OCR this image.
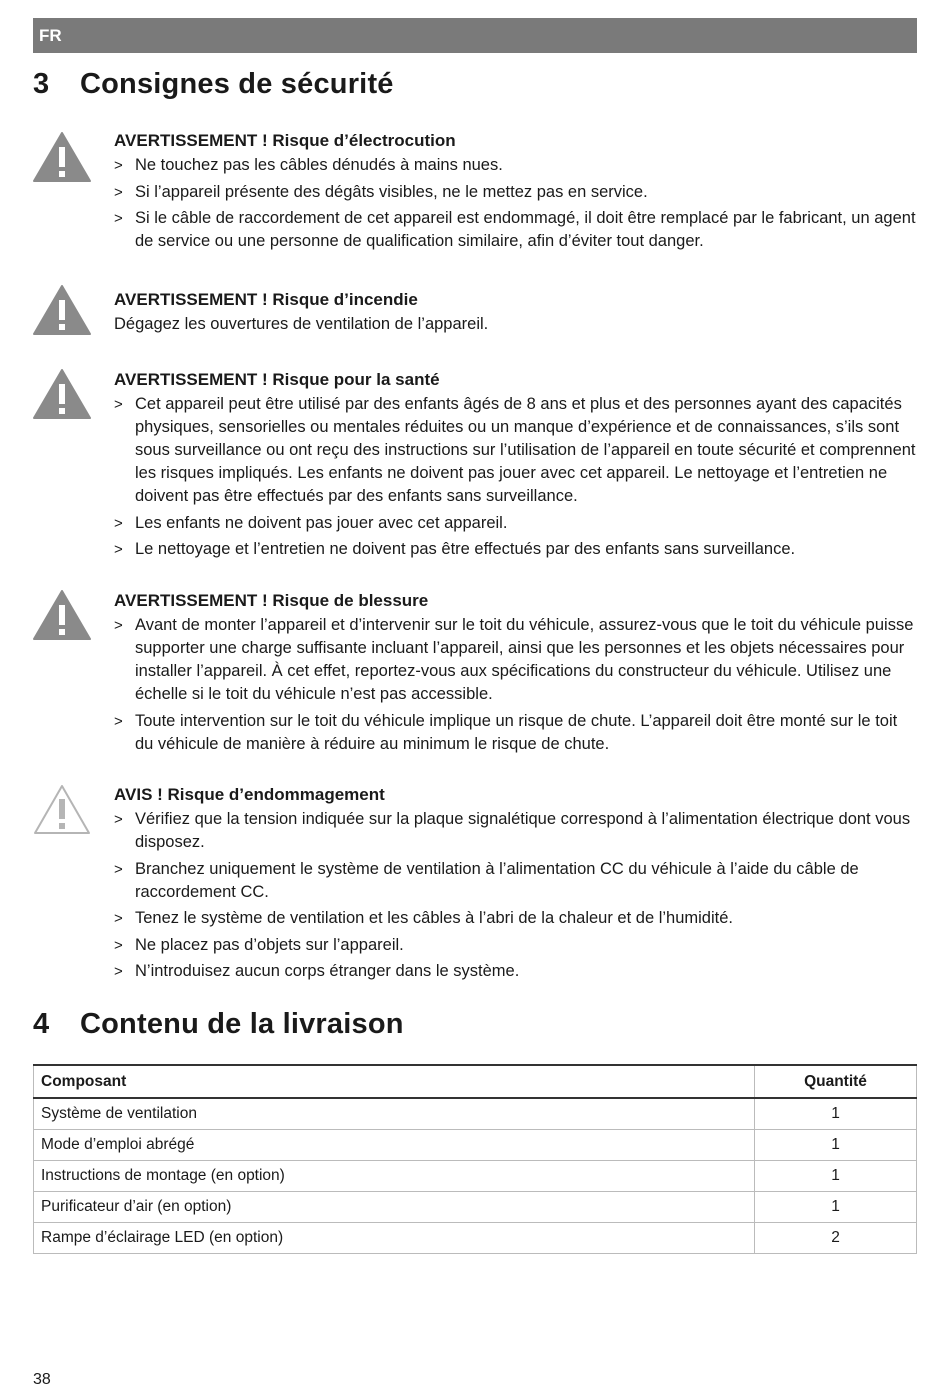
FR
3 Consignes de sécurité
AVERTISSEMENT ! Risque d’électrocution
> Ne touchez pas les câbles dénudés à mains nues.
> Si l’appareil présente des dégâts visibles, ne le mettez pas en service.
> Si le câble de raccordement de cet appareil est endommagé, il doit être remplacé par le fabricant, un agent de service ou une personne de qualification similaire, afin d’éviter tout danger.
AVERTISSEMENT ! Risque d’incendie
Dégagez les ouvertures de ventilation de l’appareil.
AVERTISSEMENT ! Risque pour la santé
> Cet appareil peut être utilisé par des enfants âgés de 8 ans et plus et des personnes ayant des capacités physiques, sensorielles ou mentales réduites ou un manque d’expérience et de connaissances, s’ils sont sous surveillance ou ont reçu des instructions sur l’utilisation de l’appareil en toute sécurité et comprennent les risques impliqués. Les enfants ne doivent pas jouer avec cet appareil. Le nettoyage et l’entretien ne doivent pas être effectués par des enfants sans surveillance.
> Les enfants ne doivent pas jouer avec cet appareil.
> Le nettoyage et l’entretien ne doivent pas être effectués par des enfants sans surveillance.
AVERTISSEMENT ! Risque de blessure
> Avant de monter l’appareil et d’intervenir sur le toit du véhicule, assurez-vous que le toit du véhicule puisse supporter une charge suffisante incluant l’appareil, ainsi que les personnes et les objets nécessaires pour installer l’appareil. À cet effet, reportez-vous aux spécifications du constructeur du véhicule. Utilisez une échelle si le toit du véhicule n’est pas accessible.
> Toute intervention sur le toit du véhicule implique un risque de chute. L’appareil doit être monté sur le toit du véhicule de manière à réduire au minimum le risque de chute.
AVIS ! Risque d’endommagement
> Vérifiez que la tension indiquée sur la plaque signalétique correspond à l’alimentation électrique dont vous disposez.
> Branchez uniquement le système de ventilation à l’alimentation CC du véhicule à l’aide du câble de raccordement CC.
> Tenez le système de ventilation et les câbles à l’abri de la chaleur et de l’humidité.
> Ne placez pas d’objets sur l’appareil.
> N’introduisez aucun corps étranger dans le système.
4 Contenu de la livraison
Composant	Quantité
Système de ventilation	1
Mode d’emploi abrégé	1
Instructions de montage (en option)	1
Purificateur d’air (en option)	1
Rampe d’éclairage LED (en option)	2
38
